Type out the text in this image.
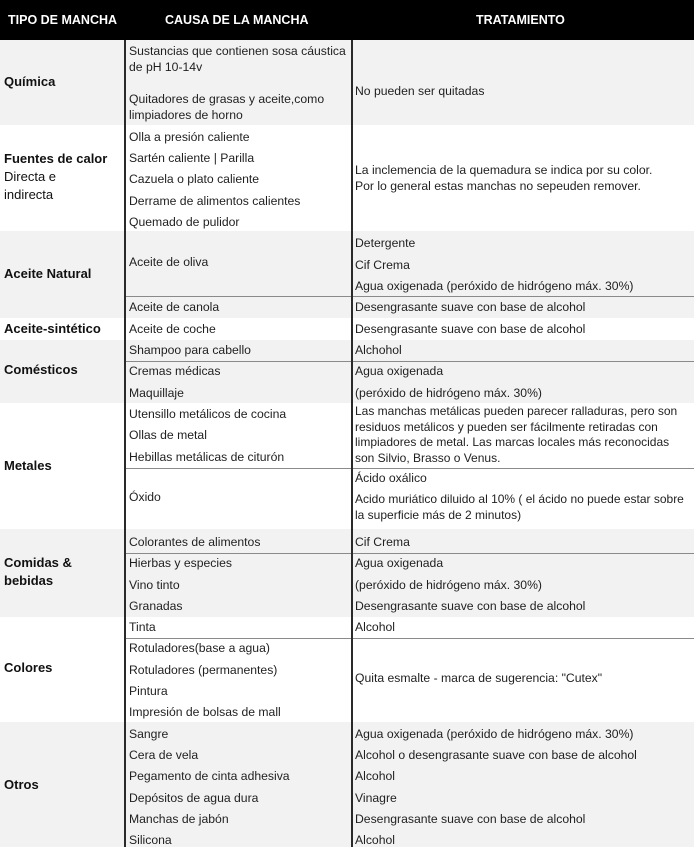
TIPO DE MANCHA	CAUSA DE LA MANCHA	TRATAMIENTO
Química
Fuentes de calor
Directa e indirecta
Aceite Natural
Aceite-sintético
Comésticos
Metales
Comidas & bebidas
Colores
Otros
Sustancias que contienen sosa cáustica de pH 10-14v
Quitadores de grasas y aceite,como limpiadores de horno
Olla a presión caliente
Sartén caliente | Parilla
Cazuela o plato caliente
Derrame de alimentos calientes
Quemado de pulidor
Aceite de oliva
Aceite de canola
Aceite de coche
Shampoo para cabello
Cremas médicas
Maquillaje
Utensillo metálicos de cocina
Ollas de metal
Hebillas metálicas de citurón
Óxido
Colorantes de alimentos
Hierbas y especies
Vino tinto
Granadas
Tinta
Rotuladores(base a agua)
Rotuladores (permanentes)
Pintura
Impresión de bolsas de mall
Sangre
Cera de vela
Pegamento de cinta adhesiva
Depósitos de agua dura
Manchas de jabón
Silicona
No pueden ser quitadas
La inclemencia de la quemadura se indica por su color.
Por lo general estas manchas no sepeuden remover.
Detergente
Cif Crema
Agua oxigenada (peróxido de hidrógeno máx. 30%)
Desengrasante suave con base de alcohol
Desengrasante suave con base de alcohol
Alchohol
Agua oxigenada
(peróxido de hidrógeno máx. 30%)
Las manchas metálicas pueden parecer ralladuras, pero son residuos metálicos y pueden ser fácilmente retiradas con limpiadores de metal. Las marcas locales más reconocidas son Silvio, Brasso o Venus.
Ácido oxálico
Acido muriático diluido al 10% ( el ácido no puede estar sobre la superficie más de 2 minutos)
Cif Crema
Agua oxigenada
(peróxido de hidrógeno máx. 30%)
Desengrasante suave con base de alcohol
Alcohol
Quita esmalte - marca de sugerencia: "Cutex"
Agua oxigenada (peróxido de hidrógeno máx. 30%)
Alcohol o desengrasante suave con base de alcohol
Alcohol
Vinagre
Desengrasante suave con base de alcohol
Alcohol
